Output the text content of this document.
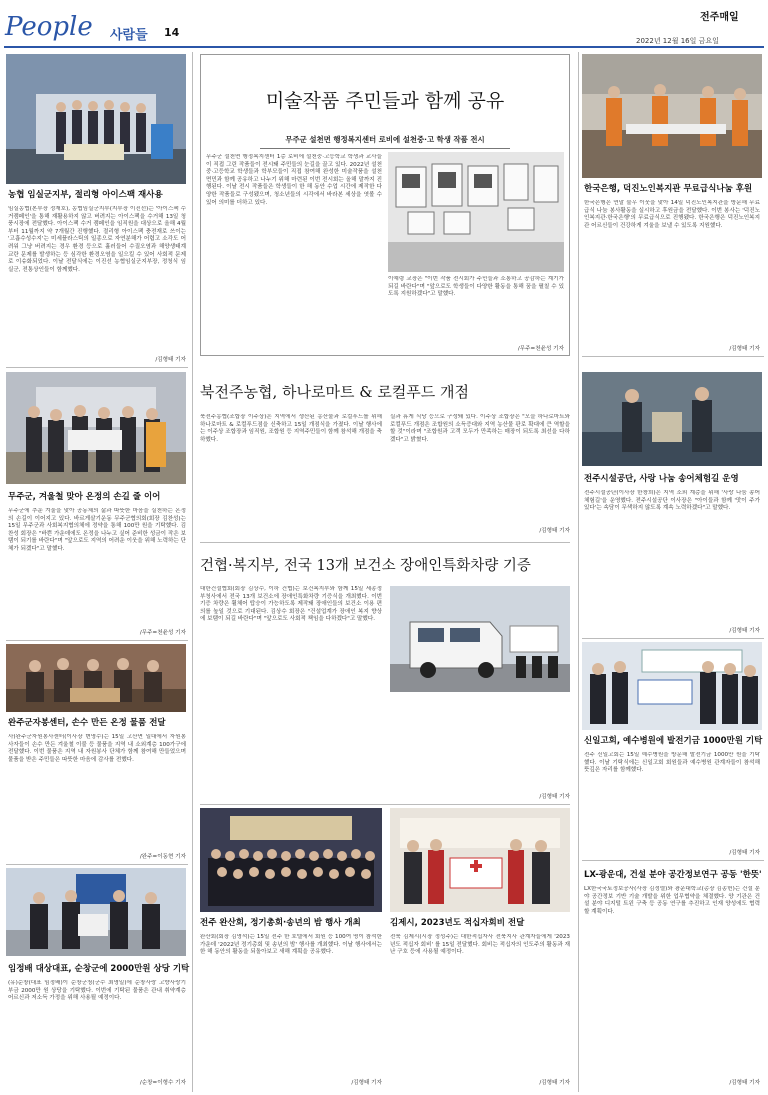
People 사람들 14
전주매일
2022년 12월 16일 금요일
농협 임실군지부, 절리형 아이스팩 재사용
임실농협(본부장 정재호), 농협임실군지부(지부장 이진선)는 '아이스팩 수거캠페인'을 통해 재활용하지 않고 버려지는 아이스팩을 수거해 13일 청풍시장에 전달했다. 아이스팩 수거 캠페인을 임직원을 대상으로 올해 4월부터 11월까지 약 7개월간 진행했다. 절리형 아이스팩 충전재로 쓰이는 '고흡수성수지'는 미세플라스틱의 일종으로 자연분해가 어렵고 소각도 어려워 그냥 버려지는 경우 환경 등으로 흘러들어 수질오염과 해양생태계 교란 문제를 발생하는 등 심각한 환경오염을 일으킬 수 있어 사회적 문제로 이슈화되었다. 이날 전달식에는 이진선 농협임실군지부장, 정청식 임실군, 전통상인들이 함께했다.
/김형태 기자
무주군, 겨울철 맞아 온정의 손길 줄 이어
무주군에 추운 겨울을 맞아 공동체의 삶과 따뜻한 마음을 실천하는 온정의 손길이 이어지고 있다. 바르게살기운동 무주군협의회(회장 김찬성)는 15일 무주군과 사회복지협의체에 정약을 통해 100만 원을 기탁했다. 김찬성 회장은 "바쁜 가운데에도 온정을 나누고 싶어 준비한 성금이 작은 보탬이 되기를 바란다"며 "앞으로도 지역의 어려운 이웃을 위해 노력하는 단체가 되겠다"고 말했다.
/무주=천윤성 기자
완주군자봉센터, 손수 만든 온정 물품 전달
사)완주군자원봉사센터(이사장 변영수)는 15일 고산면 일대에서 자원봉사자들이 손수 만든 겨울철 이불 등 물품을 지역 내 소외계층 100가구에 전달했다. 이번 물품은 지역 내 자원봉사 단체가 함께 참여해 만들었으며 물품을 받은 주민들은 따뜻한 마음에 감사를 전했다.
/완주=이동현 기자
임정배 대상대표, 순창군에 2000만원 상당 기탁
(유)순창(대표 임정배)이 순창군청(군수 최영일)에 순창사랑 고향사랑기부금 2000만 원 상당을 기탁했다. 이번에 기탁된 물품은 관내 취약계층 어르신과 저소득 가정을 위해 사용될 예정이다.
/순창=이형수 기자
미술작품 주민들과 함께 공유
무주군 설천면 행정복지센터 로비에 설천중·고 학생 작품 전시
무주군 설천면 행정복지센터 1층 로비에 설천중·고등학교 학생과 교사들이 직접 그린 작품들이 전시돼 주민들의 눈길을 끌고 있다. 2022년 설천중·고등학교 학생들과 학부모들이 직접 참여해 완성한 미술작품을 설천면민과 함께 공유하고 나누기 위해 마련된 이번 전시회는 올해 말까지 진행된다. 이날 전시 작품들은 학생들이 한 해 동안 수업 시간에 제작한 다양한 작품들로 구성됐으며, 청소년들의 시각에서 바라본 세상을 엿볼 수 있어 의미를 더하고 있다.
이예령 교장은 "이번 작품 전시회가 주민들과 소통하고 공감하는 계기가 되길 바란다"며 "앞으로도 학생들이 다양한 활동을 통해 꿈을 펼칠 수 있도록 지원하겠다"고 말했다.
/무주=천윤성 기자
북전주농협, 하나로마트 & 로컬푸드 개점
북전주농협(조합장 이주상)은 지역에서 생산된 농산물과 로컬푸드를 위해 하나로마트 & 로컬푸드점을 신축하고 15일 개점식을 가졌다. 이날 행사에는 이주상 조합장과 임직원, 조합원 등 지역주민들이 함께 참석해 개점을 축하했다.
실과 휴게 식당 등으로 구성돼 있다. 이주상 조합장은 "오늘 하나로마트와 로컬푸드 개점은 조합원의 소득증대와 지역 농산물 판로 확대에 큰 역할을 할 것"이라며 "조합원과 고객 모두가 만족하는 매장이 되도록 최선을 다하겠다"고 밝혔다.
/김형태 기자
건협·복지부, 전국 13개 보건소 장애인특화차량 기증
대한건설협회(회장 김상수, 이하 건협)는 보건복지부와 함께 15일 세종정부청사에서 전국 13개 보건소에 장애인특화차량 기증식을 개최했다. 이번 기증 차량은 휠체어 탑승이 가능하도록 제작돼 장애인들의 보건소 이용 편의를 높일 것으로 기대된다. 김상수 회장은 "건설업계가 장애인 복지 향상에 보탬이 되길 바란다"며 "앞으로도 사회적 책임을 다하겠다"고 말했다.
/김형태 기자
전주 완산회, 정기총회·송년의 밤 행사 개최
완산회(회장 김영석)는 15일 전주 한 호텔에서 회원 등 100여 명이 참석한 가운데 '2022년 정기총회 및 송년의 밤' 행사를 개최했다. 이날 행사에서는 한 해 동안의 활동을 되돌아보고 새해 계획을 공유했다.
/김형태 기자
김제시, 2023년도 적십자회비 전달
전북 김제시(시장 정성주)는 대한적십자사 전북지사 관계자들에게 '2023년도 적십자 회비' 를 15일 전달했다. 회비는 적십자의 인도주의 활동과 재난 구호 등에 사용될 예정이다.
/김형태 기자
한국은행, 덕진노인복지관 무료급식나눔 후원
한국은행은 연말 불우 이웃을 맞아 14일 덕진노인복지관을 방문해 무료급식 나눔 봉사활동을 실시하고 후원금을 전달했다. 이번 봉사는 '덕진노인복지관·한국은행'의 무료급식으로 진행됐다. 한국은행은 덕진노인복지관 어르신들이 건강하게 겨울을 보낼 수 있도록 지원했다.
/김형태 기자
전주시설공단, 사랑 나눔 송어체험길 운영
전주시설공단(이사장 한창희)은 지역 소외 계층을 위해 '사랑 나눔 송어체험길'을 운영했다. 전주시설공단 이사장은 "아이들과 함께 '맛이 주가 있다'는 속담이 무색하지 않도록 계속 노력하겠다"고 말했다.
/김형태 기자
신일고회, 예수병원에 발전기금 1000만원 기탁
전주 신일고회는 15일 예수병원을 방문해 발전기금 1000만 원을 기탁했다. 이날 기탁식에는 신일고회 회원들과 예수병원 관계자들이 참석해 뜻깊은 자리를 함께했다.
/김형태 기자
LX-광운대, 건설 분야 공간정보연구 공동 '한뜻'
LX한국국토정보공사(사장 김정렬)와 광운대학교(총장 김종헌)는 건설 분야 공간정보 기반 기술 개발을 위한 업무협약을 체결했다. 양 기관은 건설 분야 디지털 트윈 구축 등 공동 연구를 추진하고 인재 양성에도 협력할 계획이다.
/김형태 기자
